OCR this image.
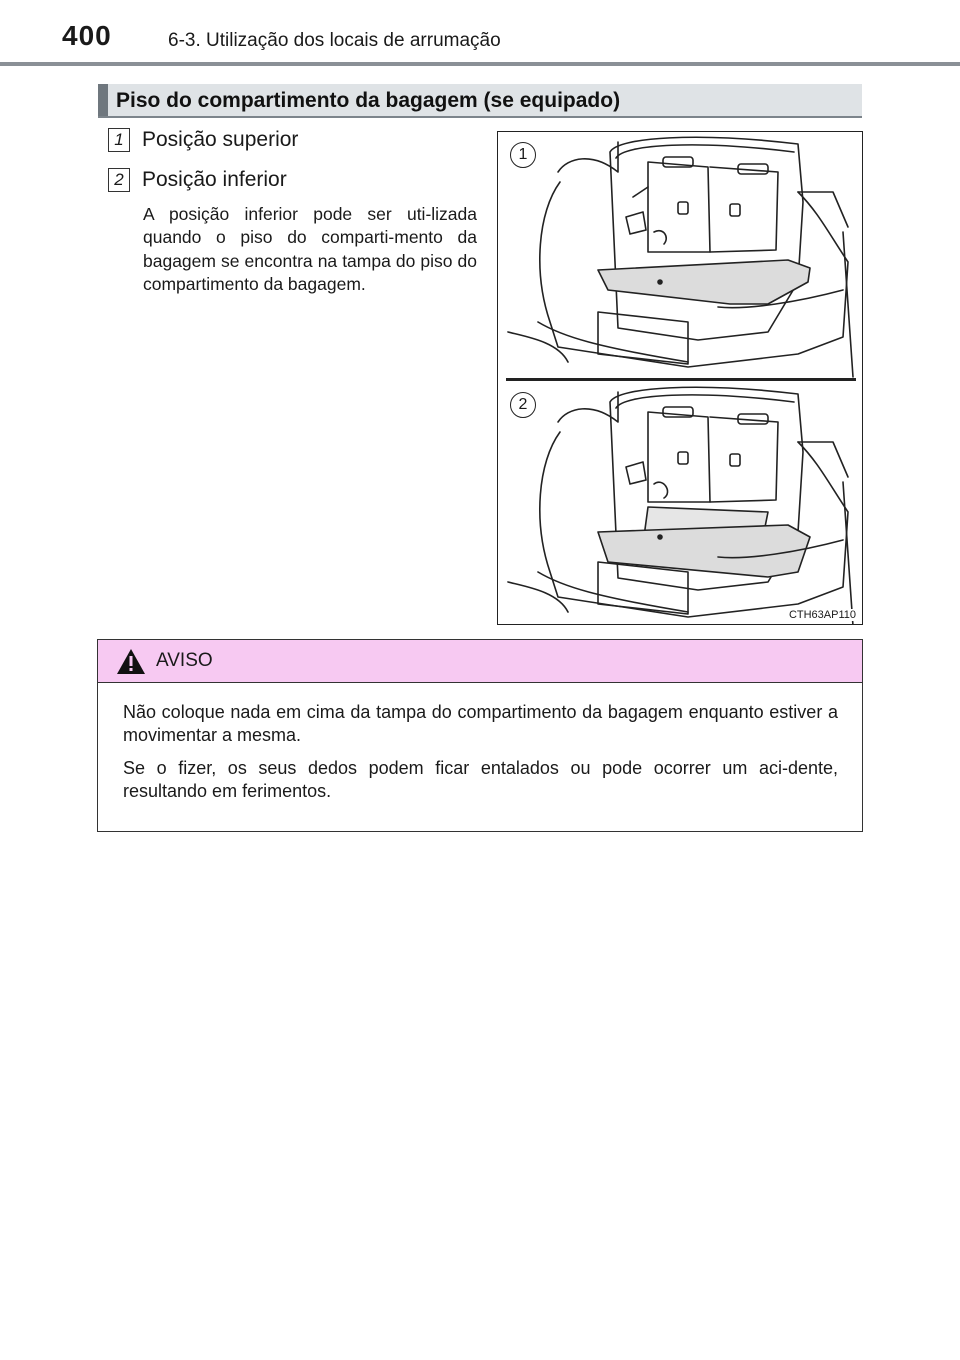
400	6-3. Utilização dos locais de arrumação
Piso do compartimento da bagagem (se equipado)
1 Posição superior
2 Posição inferior
A posição inferior pode ser uti-lizada quando o piso do comparti-mento da bagagem se encontra na tampa do piso do compartimento da bagagem.
1
2
CTH63AP110
AVISO

Não coloque nada em cima da tampa do compartimento da bagagem enquanto estiver a movimentar a mesma.

Se o fizer, os seus dedos podem ficar entalados ou pode ocorrer um aci-dente, resultando em ferimentos.
